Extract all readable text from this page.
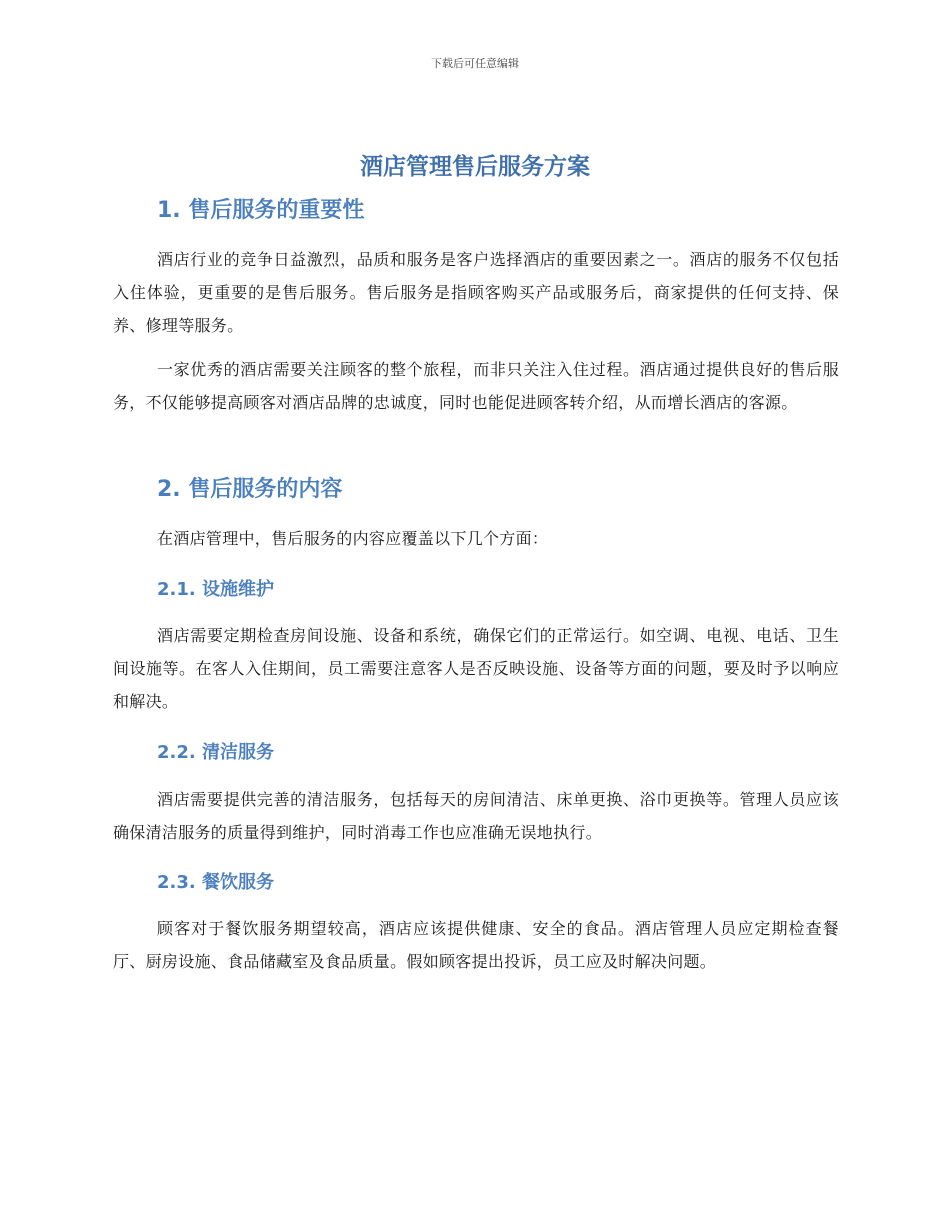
下载后可任意编辑
酒店管理售后服务方案
1. 售后服务的重要性

酒店行业的竞争日益激烈，品质和服务是客户选择酒店的重要因素之一。酒店的服务不仅包括入住体验，更重要的是售后服务。售后服务是指顾客购买产品或服务后，商家提供的任何支持、保养、修理等服务。

一家优秀的酒店需要关注顾客的整个旅程，而非只关注入住过程。酒店通过提供良好的售后服务，不仅能够提高顾客对酒店品牌的忠诚度，同时也能促进顾客转介绍，从而增长酒店的客源。

2. 售后服务的内容

在酒店管理中，售后服务的内容应覆盖以下几个方面：

2.1. 设施维护

酒店需要定期检查房间设施、设备和系统，确保它们的正常运行。如空调、电视、电话、卫生间设施等。在客人入住期间，员工需要注意客人是否反映设施、设备等方面的问题，要及时予以响应和解决。

2.2. 清洁服务

酒店需要提供完善的清洁服务，包括每天的房间清洁、床单更换、浴巾更换等。管理人员应该确保清洁服务的质量得到维护，同时消毒工作也应准确无误地执行。

2.3. 餐饮服务

顾客对于餐饮服务期望较高，酒店应该提供健康、安全的食品。酒店管理人员应定期检查餐厅、厨房设施、食品储藏室及食品质量。假如顾客提出投诉，员工应及时解决问题。
